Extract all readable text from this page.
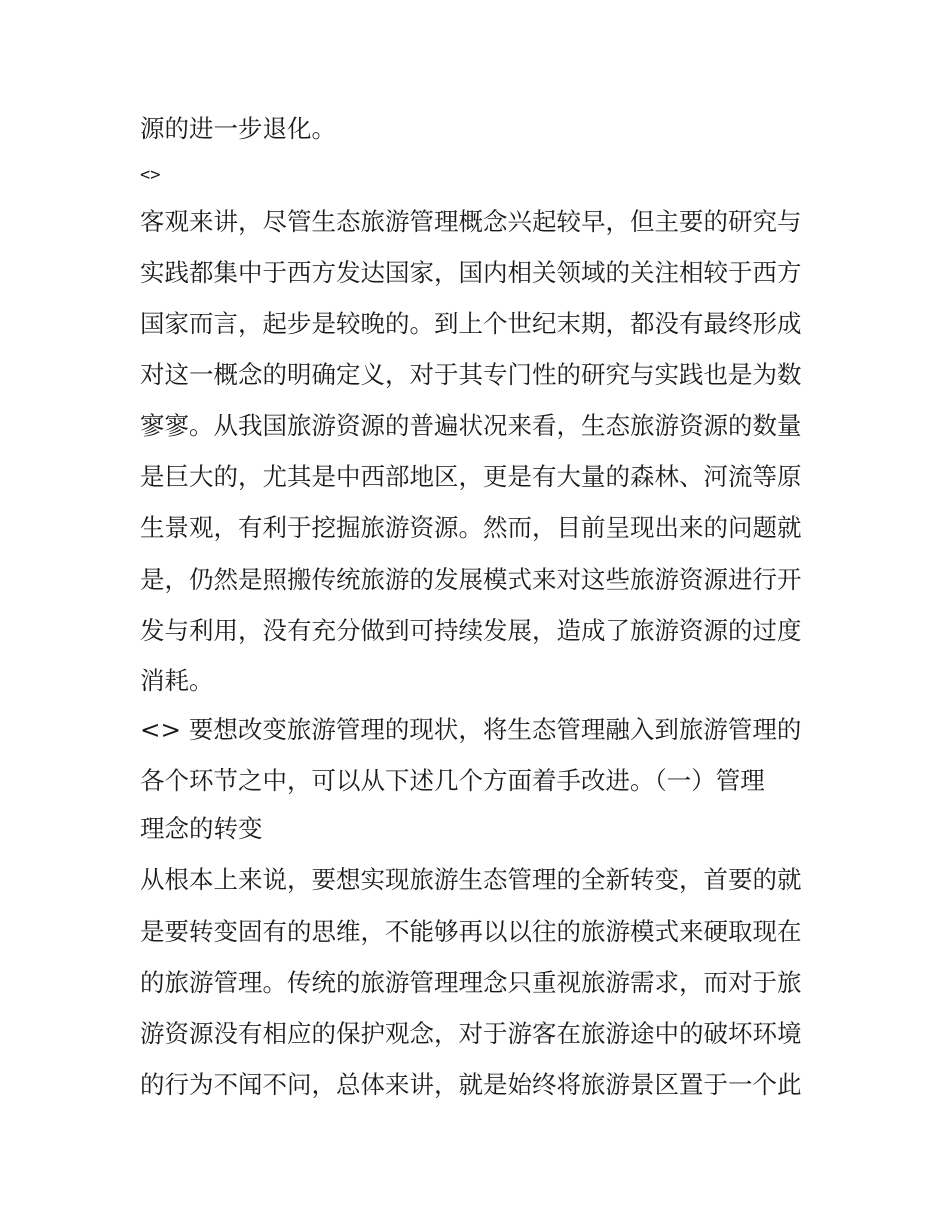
源的进一步退化。
<>
客观来讲，尽管生态旅游管理概念兴起较早，但主要的研究与
实践都集中于西方发达国家，国内相关领域的关注相较于西方
国家而言，起步是较晚的。到上个世纪末期，都没有最终形成
对这一概念的明确定义，对于其专门性的研究与实践也是为数
寥寥。从我国旅游资源的普遍状况来看，生态旅游资源的数量
是巨大的，尤其是中西部地区，更是有大量的森林、河流等原
生景观，有利于挖掘旅游资源。然而，目前呈现出来的问题就
是，仍然是照搬传统旅游的发展模式来对这些旅游资源进行开
发与利用，没有充分做到可持续发展，造成了旅游资源的过度
消耗。
<> 要想改变旅游管理的现状，将生态管理融入到旅游管理的
各个环节之中，可以从下述几个方面着手改进。（一）管理
理念的转变
从根本上来说，要想实现旅游生态管理的全新转变，首要的就
是要转变固有的思维，不能够再以以往的旅游模式来硬取现在
的旅游管理。传统的旅游管理理念只重视旅游需求，而对于旅
游资源没有相应的保护观念，对于游客在旅游途中的破坏环境
的行为不闻不问，总体来讲，就是始终将旅游景区置于一个此
